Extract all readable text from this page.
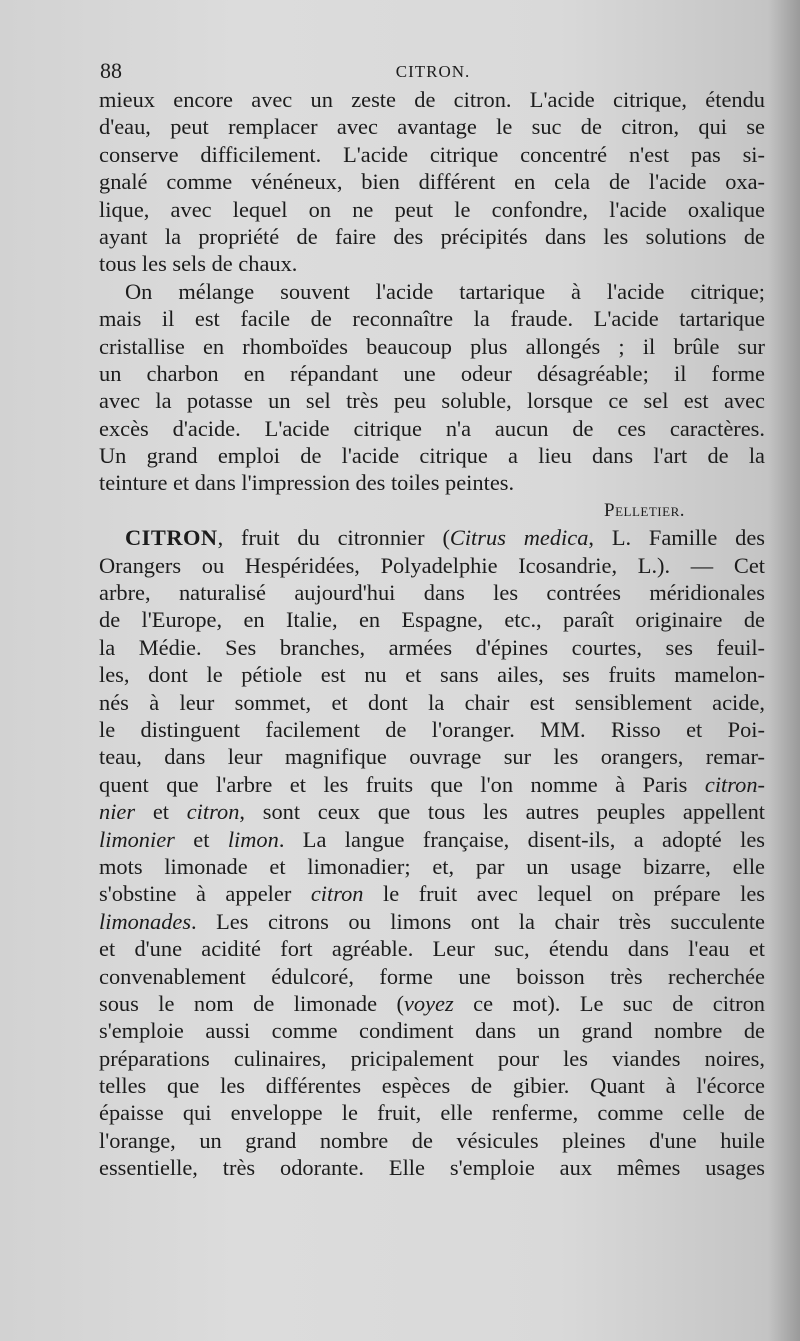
88	CITRON.
mieux encore avec un zeste de citron. L'acide citrique, étendu
d'eau, peut remplacer avec avantage le suc de citron, qui se
conserve difficilement. L'acide citrique concentré n'est pas si-
gnalé comme vénéneux, bien différent en cela de l'acide oxa-
lique, avec lequel on ne peut le confondre, l'acide oxalique
ayant la propriété de faire des précipités dans les solutions de
tous les sels de chaux.
On mélange souvent l'acide tartarique à l'acide citrique;
mais il est facile de reconnaître la fraude. L'acide tartarique
cristallise en rhomboïdes beaucoup plus allongés ; il brûle sur
un charbon en répandant une odeur désagréable; il forme
avec la potasse un sel très peu soluble, lorsque ce sel est avec
excès d'acide. L'acide citrique n'a aucun de ces caractères.
Un grand emploi de l'acide citrique a lieu dans l'art de la
teinture et dans l'impression des toiles peintes.
Pelletier.
CITRON, fruit du citronnier (Citrus medica, L. Famille des
Orangers ou Hespéridées, Polyadelphie Icosandrie, L.). — Cet
arbre, naturalisé aujourd'hui dans les contrées méridionales
de l'Europe, en Italie, en Espagne, etc., paraît originaire de
la Médie. Ses branches, armées d'épines courtes, ses feuil-
les, dont le pétiole est nu et sans ailes, ses fruits mamelon-
nés à leur sommet, et dont la chair est sensiblement acide,
le distinguent facilement de l'oranger. MM. Risso et Poi-
teau, dans leur magnifique ouvrage sur les orangers, remar-
quent que l'arbre et les fruits que l'on nomme à Paris citron-
nier et citron, sont ceux que tous les autres peuples appellent
limonier et limon. La langue française, disent-ils, a adopté les
mots limonade et limonadier; et, par un usage bizarre, elle
s'obstine à appeler citron le fruit avec lequel on prépare les
limonades. Les citrons ou limons ont la chair très succulente
et d'une acidité fort agréable. Leur suc, étendu dans l'eau et
convenablement édulcoré, forme une boisson très recherchée
sous le nom de limonade (voyez ce mot). Le suc de citron
s'emploie aussi comme condiment dans un grand nombre de
préparations culinaires, pricipalement pour les viandes noires,
telles que les différentes espèces de gibier. Quant à l'écorce
épaisse qui enveloppe le fruit, elle renferme, comme celle de
l'orange, un grand nombre de vésicules pleines d'une huile
essentielle, très odorante. Elle s'emploie aux mêmes usages
